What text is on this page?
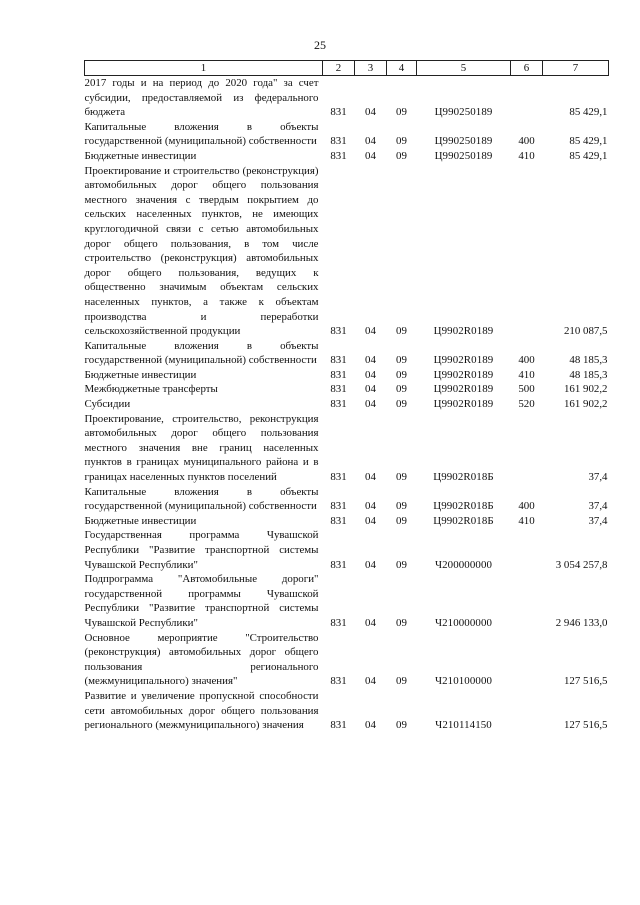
25
1	2	3	4	5	6	7
2017 годы и на период до 2020 года" за счет субсидии, предоставляемой из федерального бюджета	831	04	09	Ц990250189		85 429,1
Капитальные вложения в объекты государственной (муниципальной) собственности	831	04	09	Ц990250189	400	85 429,1
Бюджетные инвестиции	831	04	09	Ц990250189	410	85 429,1
Проектирование и строительство (реконструкция) автомобильных дорог общего пользования местного значения с твердым покрытием до сельских населенных пунктов, не имеющих круглогодичной связи с сетью автомобильных дорог общего пользования, в том числе строительство (реконструкция) автомобильных дорог общего пользования, ведущих к общественно значимым объектам сельских населенных пунктов, а также к объектам производства и переработки сельскохозяйственной продукции	831	04	09	Ц9902R0189		210 087,5
Капитальные вложения в объекты государственной (муниципальной) собственности	831	04	09	Ц9902R0189	400	48 185,3
Бюджетные инвестиции	831	04	09	Ц9902R0189	410	48 185,3
Межбюджетные трансферты	831	04	09	Ц9902R0189	500	161 902,2
Субсидии	831	04	09	Ц9902R0189	520	161 902,2
Проектирование, строительство, реконструкция автомобильных дорог общего пользования местного значения вне границ населенных пунктов в границах муниципального района и в границах населенных пунктов поселений	831	04	09	Ц9902R018Б		37,4
Капитальные вложения в объекты государственной (муниципальной) собственности	831	04	09	Ц9902R018Б	400	37,4
Бюджетные инвестиции	831	04	09	Ц9902R018Б	410	37,4
Государственная программа Чувашской Республики "Развитие транспортной системы Чувашской Республики"	831	04	09	Ч200000000		3 054 257,8
Подпрограмма "Автомобильные дороги" государственной программы Чувашской Республики "Развитие транспортной системы Чувашской Республики"	831	04	09	Ч210000000		2 946 133,0
Основное мероприятие "Строительство (реконструкция) автомобильных дорог общего пользования регионального (межмуниципального) значения"	831	04	09	Ч210100000		127 516,5
Развитие и увеличение пропускной способности сети автомобильных дорог общего пользования регионального (межмуниципального) значения	831	04	09	Ч210114150		127 516,5
